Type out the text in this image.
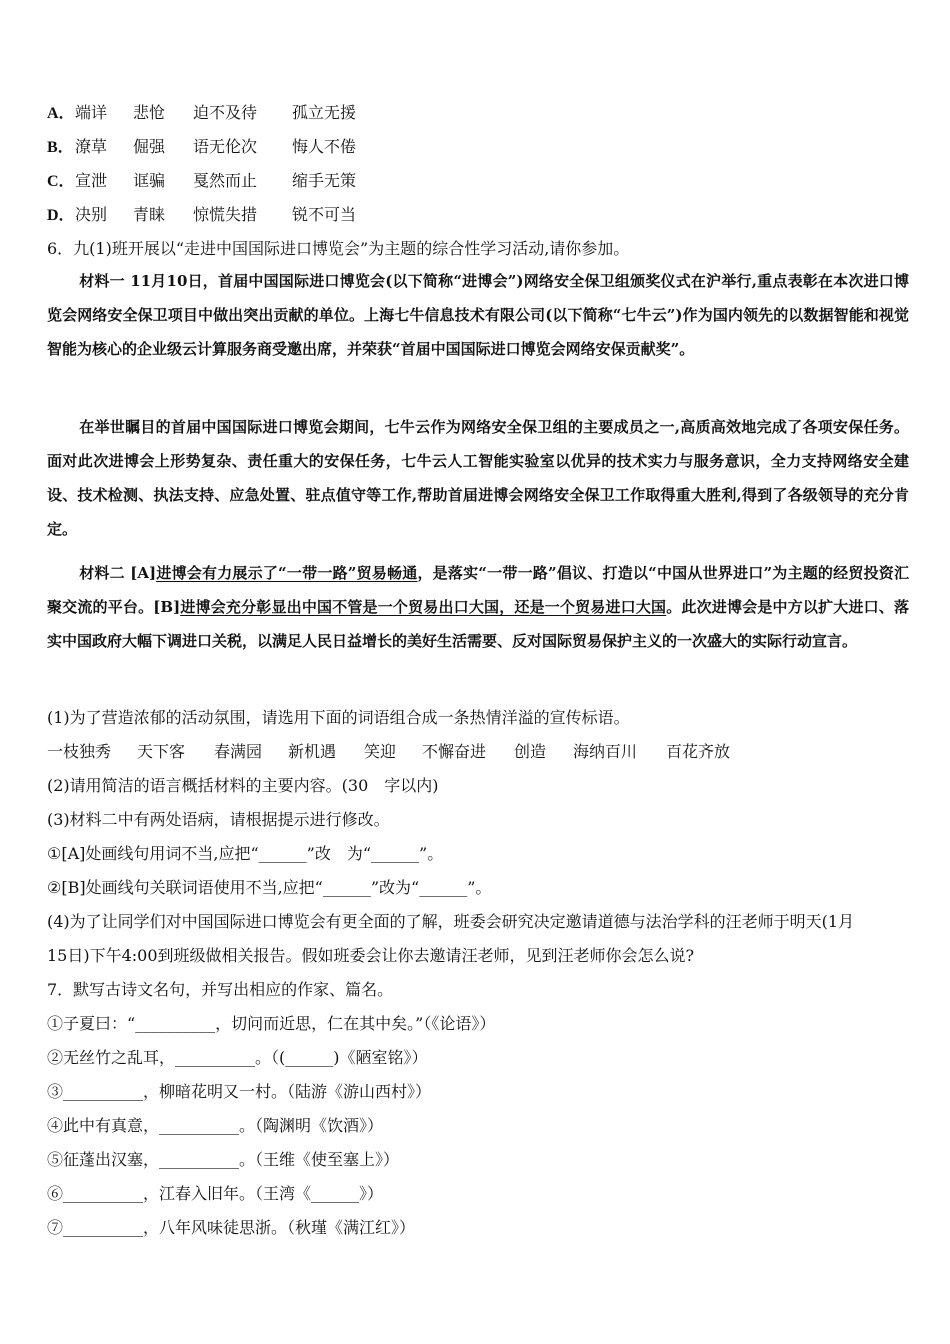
A． 端详 悲怆 迫不及待 孤立无援
B． 潦草 倔强 语无伦次 悔人不倦
C． 宣泄 诓骗 戛然而止 缩手无策
D． 决别 青睐 惊慌失措 锐不可当
6．九(1)班开展以“走进中国国际进口博览会”为主题的综合性学习活动,请你参加。
材料一 11月10日，首届中国国际进口博览会(以下简称“进博会”)网络安全保卫组颁奖仪式在沪举行,重点表彰在本次进口博览会网络安全保卫项目中做出突出贡献的单位。上海七牛信息技术有限公司(以下简称“七牛云”)作为国内领先的以数据智能和视觉智能为核心的企业级云计算服务商受邀出席，并荣获“首届中国国际进口博览会网络安保贡献奖”。
在举世瞩目的首届中国国际进口博览会期间，七牛云作为网络安全保卫组的主要成员之一,高质高效地完成了各项安保任务。面对此次进博会上形势复杂、责任重大的安保任务，七牛云人工智能实验室以优异的技术实力与服务意识，全力支持网络安全建设、技术检测、执法支持、应急处置、驻点值守等工作,帮助首届进博会网络安全保卫工作取得重大胜利,得到了各级领导的充分肯定。
材料二 [A]进博会有力展示了“一带一路”贸易畅通，是落实“一带一路”倡议、打造以“中国从世界进口”为主题的经贸投资汇聚交流的平台。[B]进博会充分彰显出中国不管是一个贸易出口大国，还是一个贸易进口大国。此次进博会是中方以扩大进口、落实中国政府大幅下调进口关税，以满足人民日益增长的美好生活需要、反对国际贸易保护主义的一次盛大的实际行动宣言。
(1)为了营造浓郁的活动氛围，请选用下面的词语组合成一条热情洋溢的宣传标语。
一枝独秀 天下客 春满园 新机遇 笑迎 不懈奋进 创造 海纳百川 百花齐放
(2)请用简洁的语言概括材料的主要内容。(30　字以内)
(3)材料二中有两处语病，请根据提示进行修改。
①[A]处画线句用词不当,应把“______”改　为“______”。
②[B]处画线句关联词语使用不当,应把“______”改为“______”。
(4)为了让同学们对中国国际进口博览会有更全面的了解，班委会研究决定邀请道德与法治学科的汪老师于明天(1月
15日)下午4:00到班级做相关报告。假如班委会让你去邀请汪老师，见到汪老师你会怎么说?
7．默写古诗文名句，并写出相应的作家、篇名。
①子夏曰：“__________，切问而近思，仁在其中矣。”（《论语》）
②无丝竹之乱耳，__________。（(______)《陋室铭》）
③__________，柳暗花明又一村。（陆游《游山西村》）
④此中有真意，__________。（陶渊明《饮酒》）
⑤征蓬出汉塞，__________。（王维《使至塞上》）
⑥__________，江春入旧年。（王湾《______》）
⑦__________，八年风味徒思浙。（秋瑾《满江红》）
